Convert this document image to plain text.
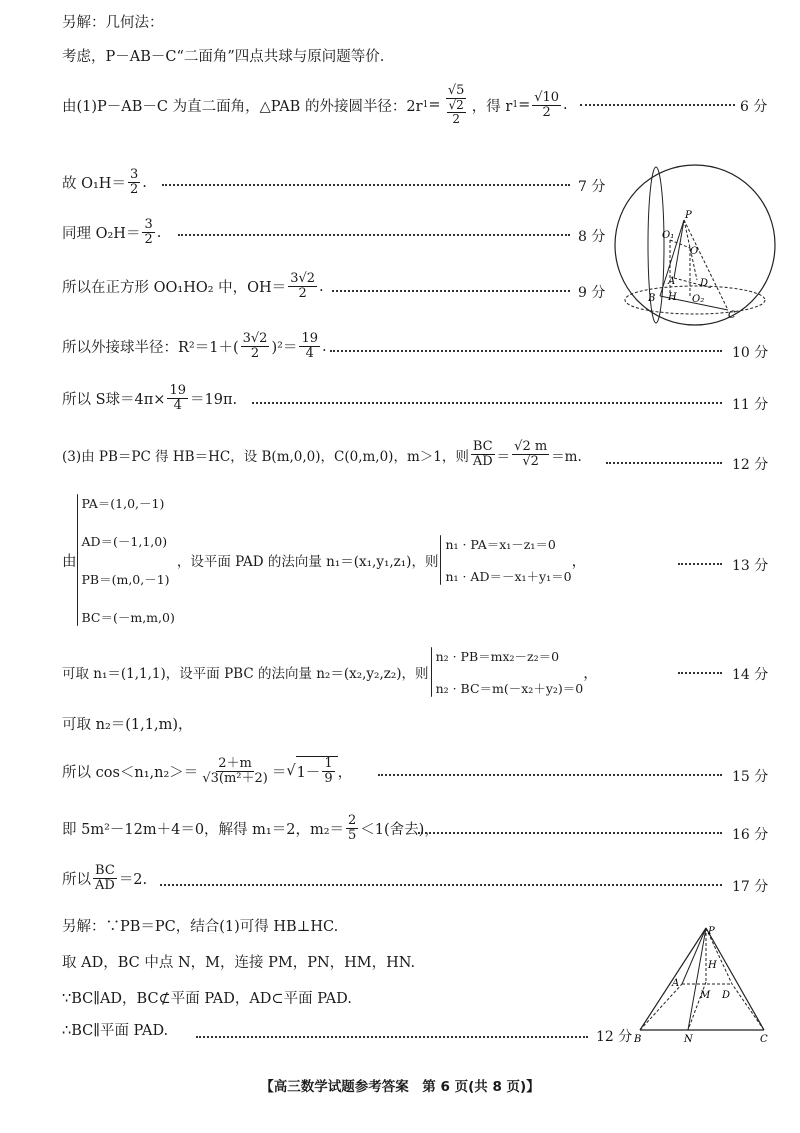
另解：几何法：
考虑，P－AB－C“二面角”四点共球与原问题等价.
由(1)P－AB－C 为直二面角，△PAB 的外接圆半径：2r $1 = \frac{√5}{\frac{√2}{2}}$ ，得 r $1 = \frac{√10}{2}$ .	6 分
故 $O_1H= \frac{3}{2}$ .	7 分
同理 $O_2H= \frac{3}{2}$ .	8 分
所以在正方形 OO₁HO₂ 中，$OH= \frac{3√2}{2}$ .	9 分
P
O₁
O
A
B H
D
O₂
C
所以外接球半径：$R^2=1+( \frac{3√2}{2} )^2= \frac{19}{4}$ .	10 分
所以 S球$=4\pi\times \frac{19}{4} =19\pi$.	11 分
(3)由 PB＝PC 得 HB＝HC，设 B(m,0,0)，C(0,m,0)，m＞1，则 $\frac{BC}{AD} = \frac{√2 m}{√2} =m$.
12 分
由
PA＝(1,0,－1)
AD＝(－1,1,0)
PB＝(m,0,－1)
BC＝(－m,m,0)
，设平面 PAD 的法向量 n₁＝(x₁,y₁,z₁)，则
n₁ · PA＝x₁－z₁＝0
n₁ · AD＝－x₁＋y₁＝0
，	13 分
可取 n₁＝(1,1,1)，设平面 PBC 的法向量 n₂＝(x₂,y₂,z₂)，则
n₂ · PB＝mx₂－z₂＝0
n₂ · BC＝m(－x₂＋y₂)＝0
，	14 分
可取 n₂＝(1,1,m)，
所以 $\cos<n_1,n_2>= \frac{2+m}{\text{√3(m²＋2)}}$ ＝ √ $1- \frac{1}{9}$ ，	15 分
即 5m²－12m＋4＝0，解得 m₁＝2，$m_2= \frac{2}{5} <1$(舍去)，	16 分
所以 $\frac{BC}{AD} =2$.	17 分
另解：∵PB＝PC，结合(1)可得 HB⊥HC.
取 AD，BC 中点 N，M，连接 PM，PN，HM，HN.
∵BC∥AD，BC⊄平面 PAD，AD⊂平面 PAD.
∴BC∥平面 PAD.	12 分
P
H
A
M D
B	N	C
【高三数学试题参考答案　第 6 页(共 8 页)】
